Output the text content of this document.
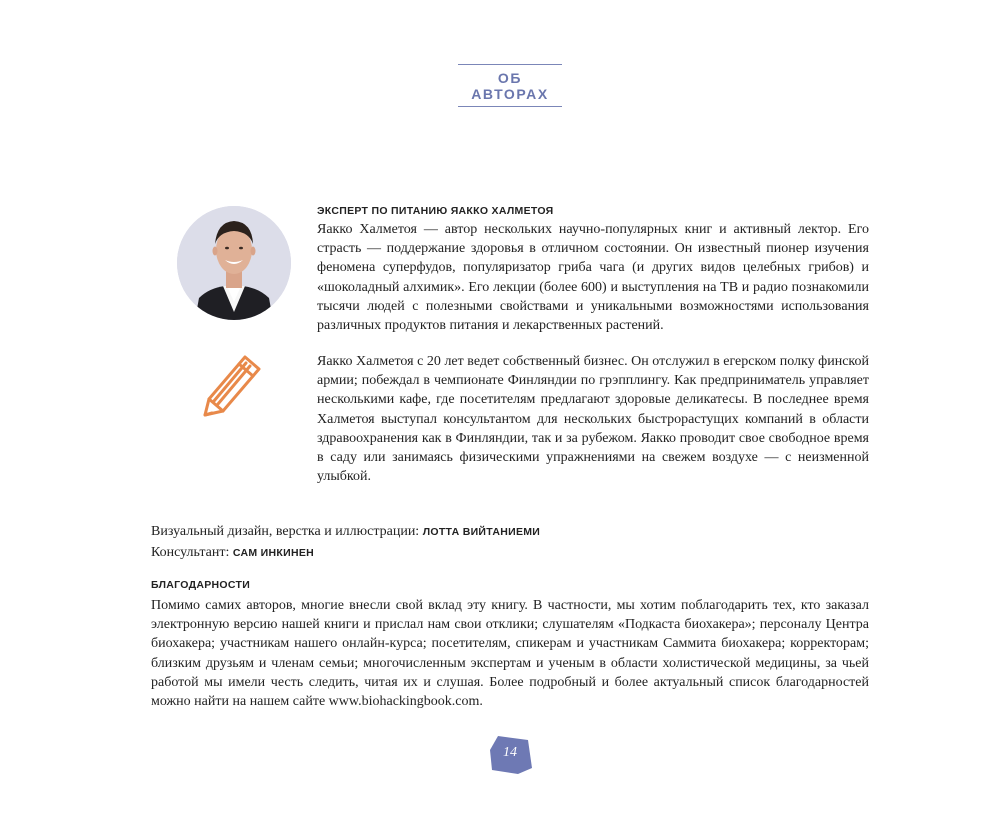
ОБ АВТОРАХ
ЭКСПЕРТ ПО ПИТАНИЮ ЯАККО ХАЛМЕТОЯ
Яакко Халметоя — автор нескольких научно-популярных книг и активный лектор. Его страсть — поддержание здоровья в отличном состоянии. Он известный пионер изучения феномена суперфудов, популяризатор гриба чага (и других видов целебных грибов) и «шоколадный алхимик». Его лекции (более 600) и выступления на ТВ и радио познакомили тысячи людей с полезными свойствами и уникальными возможностями использования различных продуктов питания и лекарственных растений.
Яакко Халметоя с 20 лет ведет собственный бизнес. Он отслужил в егерском полку финской армии; побеждал в чемпионате Финляндии по грэпплингу. Как предприниматель управляет несколькими кафе, где посетителям предлагают здоровые деликатесы. В последнее время Халметоя выступал консультантом для нескольких быстрорастущих компаний в области здравоохранения как в Финляндии, так и за рубежом. Яакко проводит свое свободное время в саду или занимаясь физическими упражнениями на свежем воздухе — с неизменной улыбкой.
Визуальный дизайн, верстка и иллюстрации: ЛОТТА ВИЙТАНИЕМИ
Консультант: САМ ИНКИНЕН
БЛАГОДАРНОСТИ
Помимо самих авторов, многие внесли свой вклад эту книгу. В частности, мы хотим поблагодарить тех, кто заказал электронную версию нашей книги и прислал нам свои отклики; слушателям «Подкаста биохакера»; персоналу Центра биохакера; участникам нашего онлайн-курса; посетителям, спикерам и участникам Саммита биохакера; корректорам; близким друзьям и членам семьи; многочисленным экспертам и ученым в области холистической медицины, за чьей работой мы имели честь следить, читая их и слушая. Более подробный и более актуальный список благодарностей можно найти на нашем сайте www.biohackingbook.com.
14
